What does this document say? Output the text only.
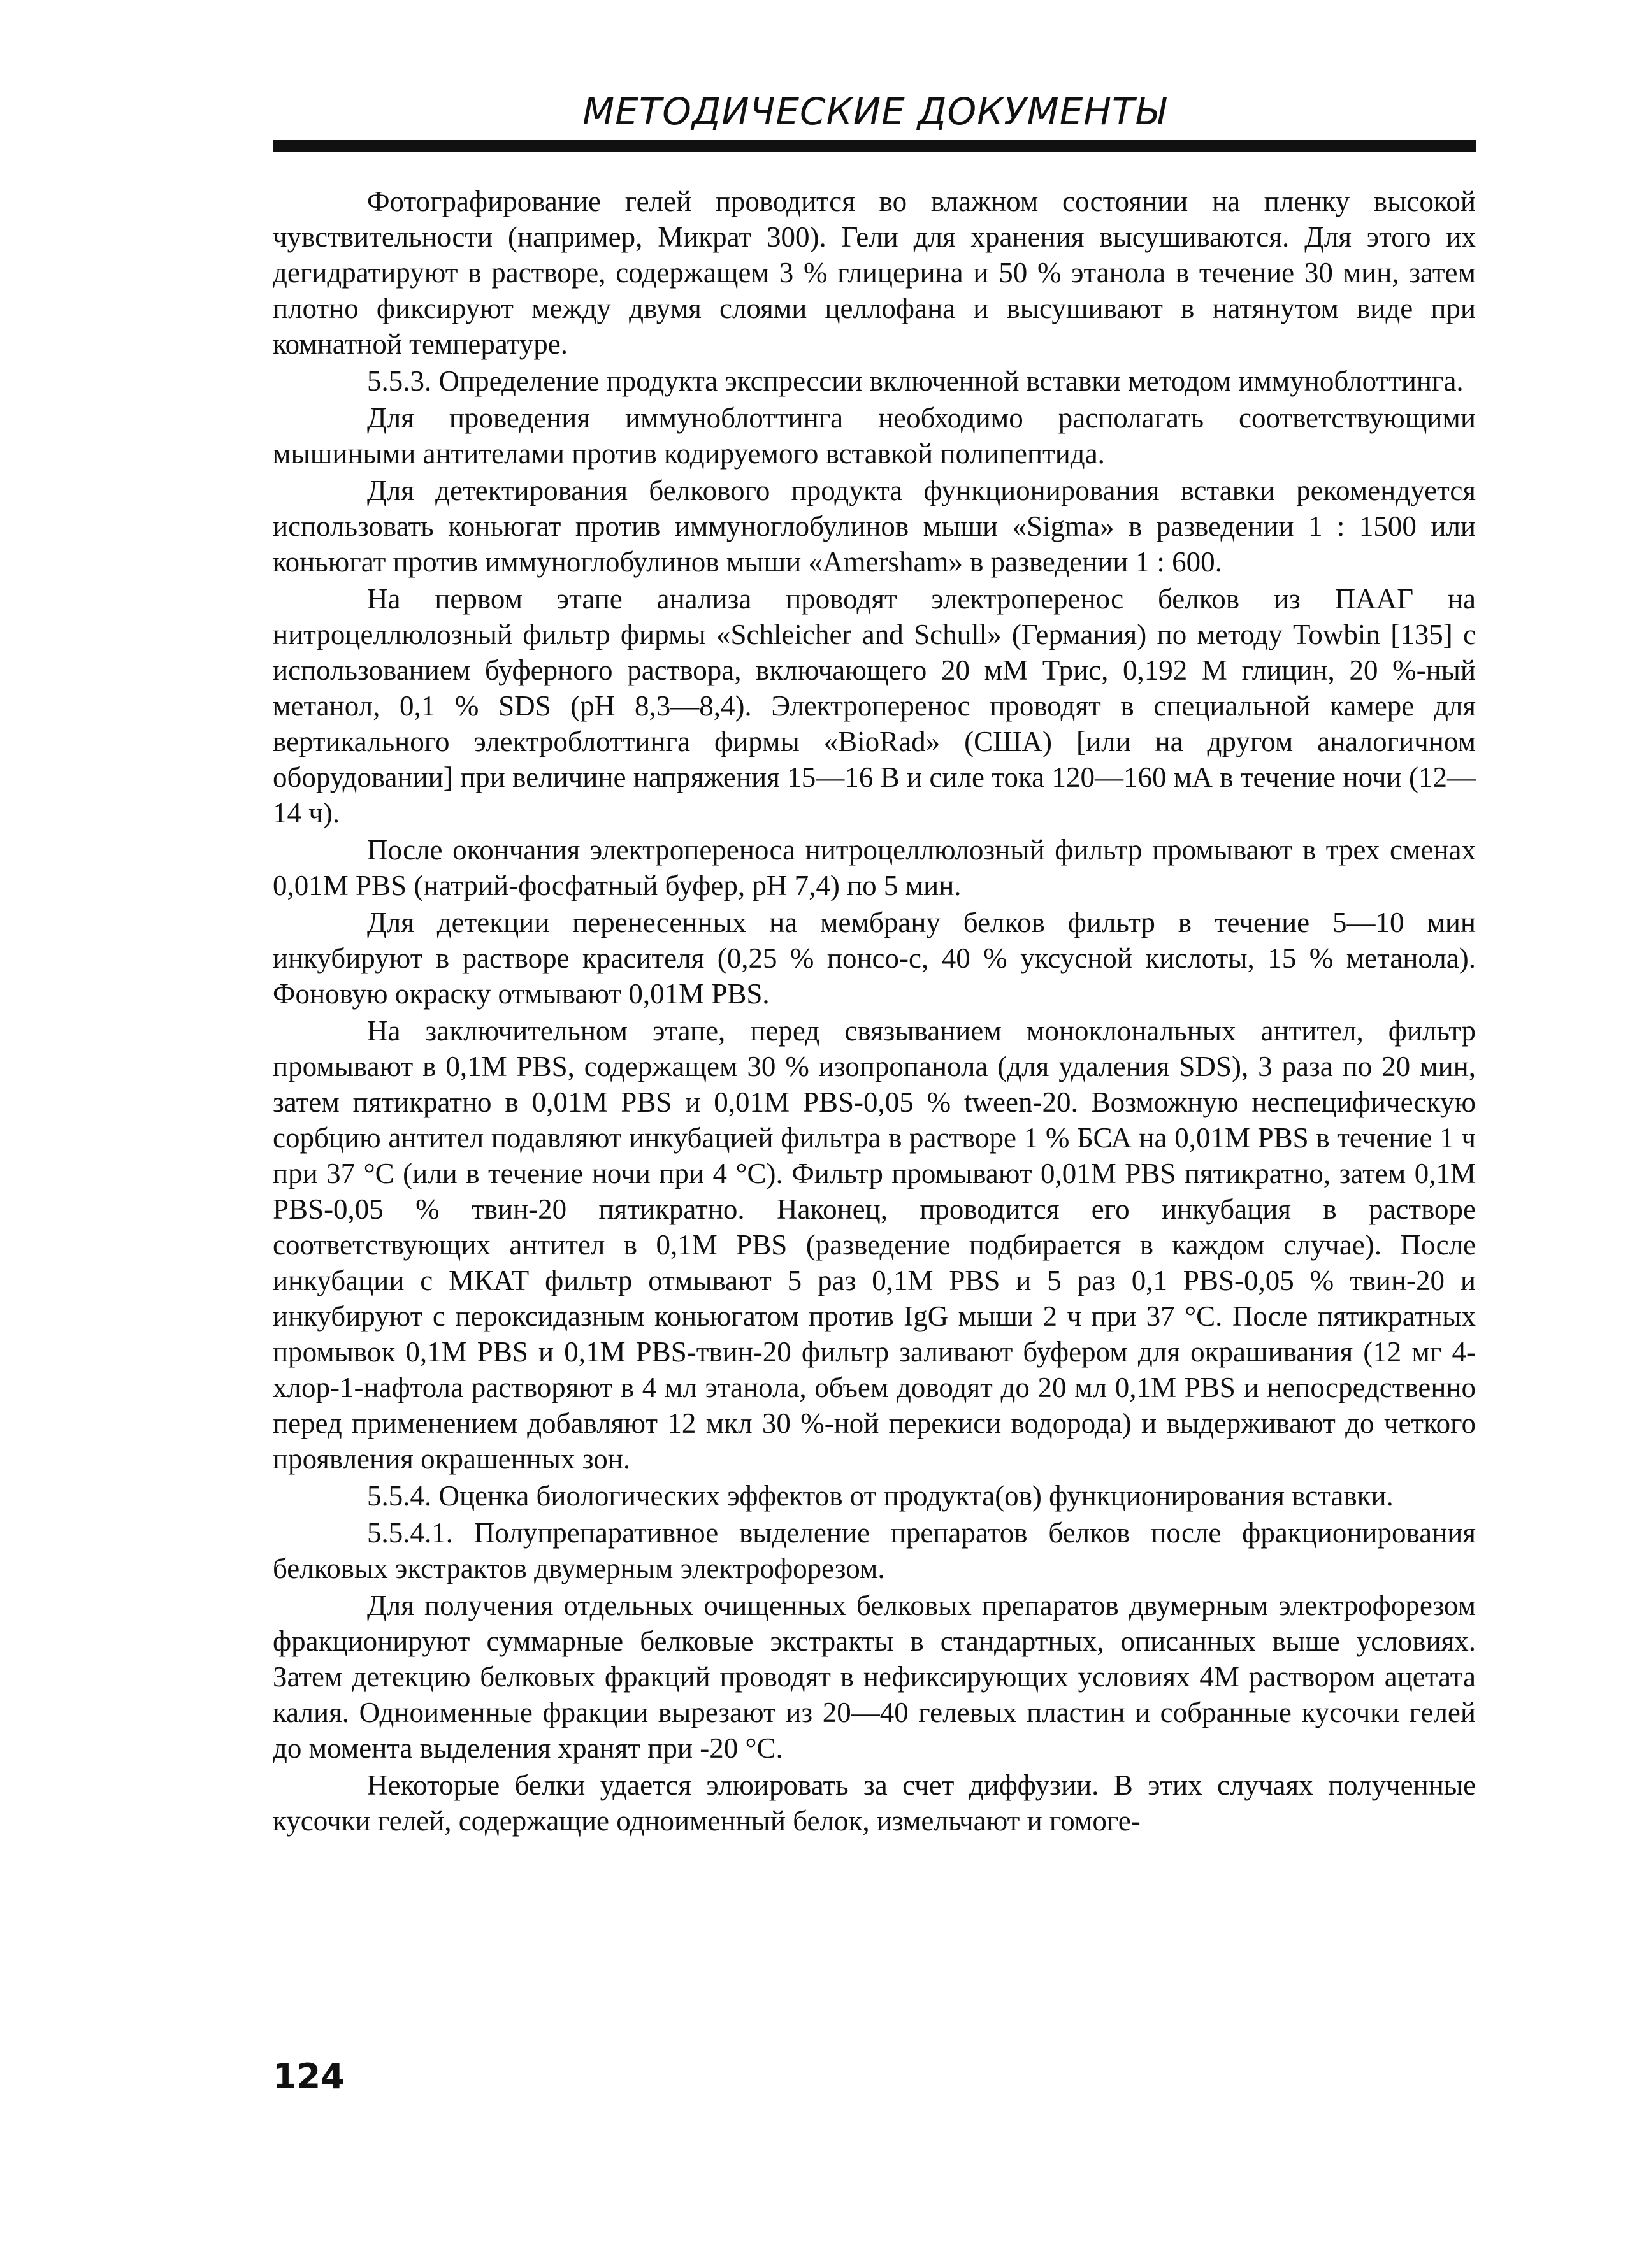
МЕТОДИЧЕСКИЕ ДОКУМЕНТЫ

Фотографирование гелей проводится во влажном состоянии на пленку высокой чувствительности (например, Микрат 300). Гели для хранения высушиваются. Для этого их дегидратируют в растворе, содержащем 3 % глицерина и 50 % этанола в течение 30 мин, затем плотно фиксируют между двумя слоями целлофана и высушивают в натянутом виде при комнатной температуре.

5.5.3. Определение продукта экспрессии включенной вставки методом иммуноблоттинга.

Для проведения иммуноблоттинга необходимо располагать соответствующими мышиными антителами против кодируемого вставкой полипептида.

Для детектирования белкового продукта функционирования вставки рекомендуется использовать коньюгат против иммуноглобулинов мыши «Sigma» в разведении 1 : 1500 или коньюгат против иммуноглобулинов мыши «Amersham» в разведении 1 : 600.

На первом этапе анализа проводят электроперенос белков из ПААГ на нитроцеллюлозный фильтр фирмы «Schleicher and Schull» (Германия) по методу Towbin [135] с использованием буферного раствора, включающего 20 мМ Трис, 0,192 М глицин, 20 %-ный метанол, 0,1 % SDS (pH 8,3—8,4). Электроперенос проводят в специальной камере для вертикального электроблоттинга фирмы «BioRad» (США) [или на другом аналогичном оборудовании] при величине напряжения 15—16 В и силе тока 120—160 мА в течение ночи (12—14 ч).

После окончания электропереноса нитроцеллюлозный фильтр промывают в трех сменах 0,01M PBS (натрий-фосфатный буфер, pH 7,4) по 5 мин.

Для детекции перенесенных на мембрану белков фильтр в течение 5—10 мин инкубируют в растворе красителя (0,25 % понсо-с, 40 % уксусной кислоты, 15 % метанола). Фоновую окраску отмывают 0,01M PBS.

На заключительном этапе, перед связыванием моноклональных антител, фильтр промывают в 0,1M PBS, содержащем 30 % изопропанола (для удаления SDS), 3 раза по 20 мин, затем пятикратно в 0,01M PBS и 0,01M PBS-0,05 % tween-20. Возможную неспецифическую сорбцию антител подавляют инкубацией фильтра в растворе 1 % БСА на 0,01M PBS в течение 1 ч при 37 °С (или в течение ночи при 4 °С). Фильтр промывают 0,01M PBS пятикратно, затем 0,1M PBS-0,05 % твин-20 пятикратно. Наконец, проводится его инкубация в растворе соответствующих антител в 0,1M PBS (разведение подбирается в каждом случае). После инкубации с МКАТ фильтр отмывают 5 раз 0,1M PBS и 5 раз 0,1 PBS-0,05 % твин-20 и инкубируют с пероксидазным коньюгатом против IgG мыши 2 ч при 37 °С. После пятикратных промывок 0,1M PBS и 0,1M PBS-твин-20 фильтр заливают буфером для окрашивания (12 мг 4-хлор-1-нафтола растворяют в 4 мл этанола, объем доводят до 20 мл 0,1M PBS и непосредственно перед применением добавляют 12 мкл 30 %-ной перекиси водорода) и выдерживают до четкого проявления окрашенных зон.

5.5.4. Оценка биологических эффектов от продукта(ов) функционирования вставки.

5.5.4.1. Полупрепаративное выделение препаратов белков после фракционирования белковых экстрактов двумерным электрофорезом.

Для получения отдельных очищенных белковых препаратов двумерным электрофорезом фракционируют суммарные белковые экстракты в стандартных, описанных выше условиях. Затем детекцию белковых фракций проводят в нефиксирующих условиях 4М раствором ацетата калия. Одноименные фракции вырезают из 20—40 гелевых пластин и собранные кусочки гелей до момента выделения хранят при -20 °С.

Некоторые белки удается элюировать за счет диффузии. В этих случаях полученные кусочки гелей, содержащие одноименный белок, измельчают и гомоге-

124
